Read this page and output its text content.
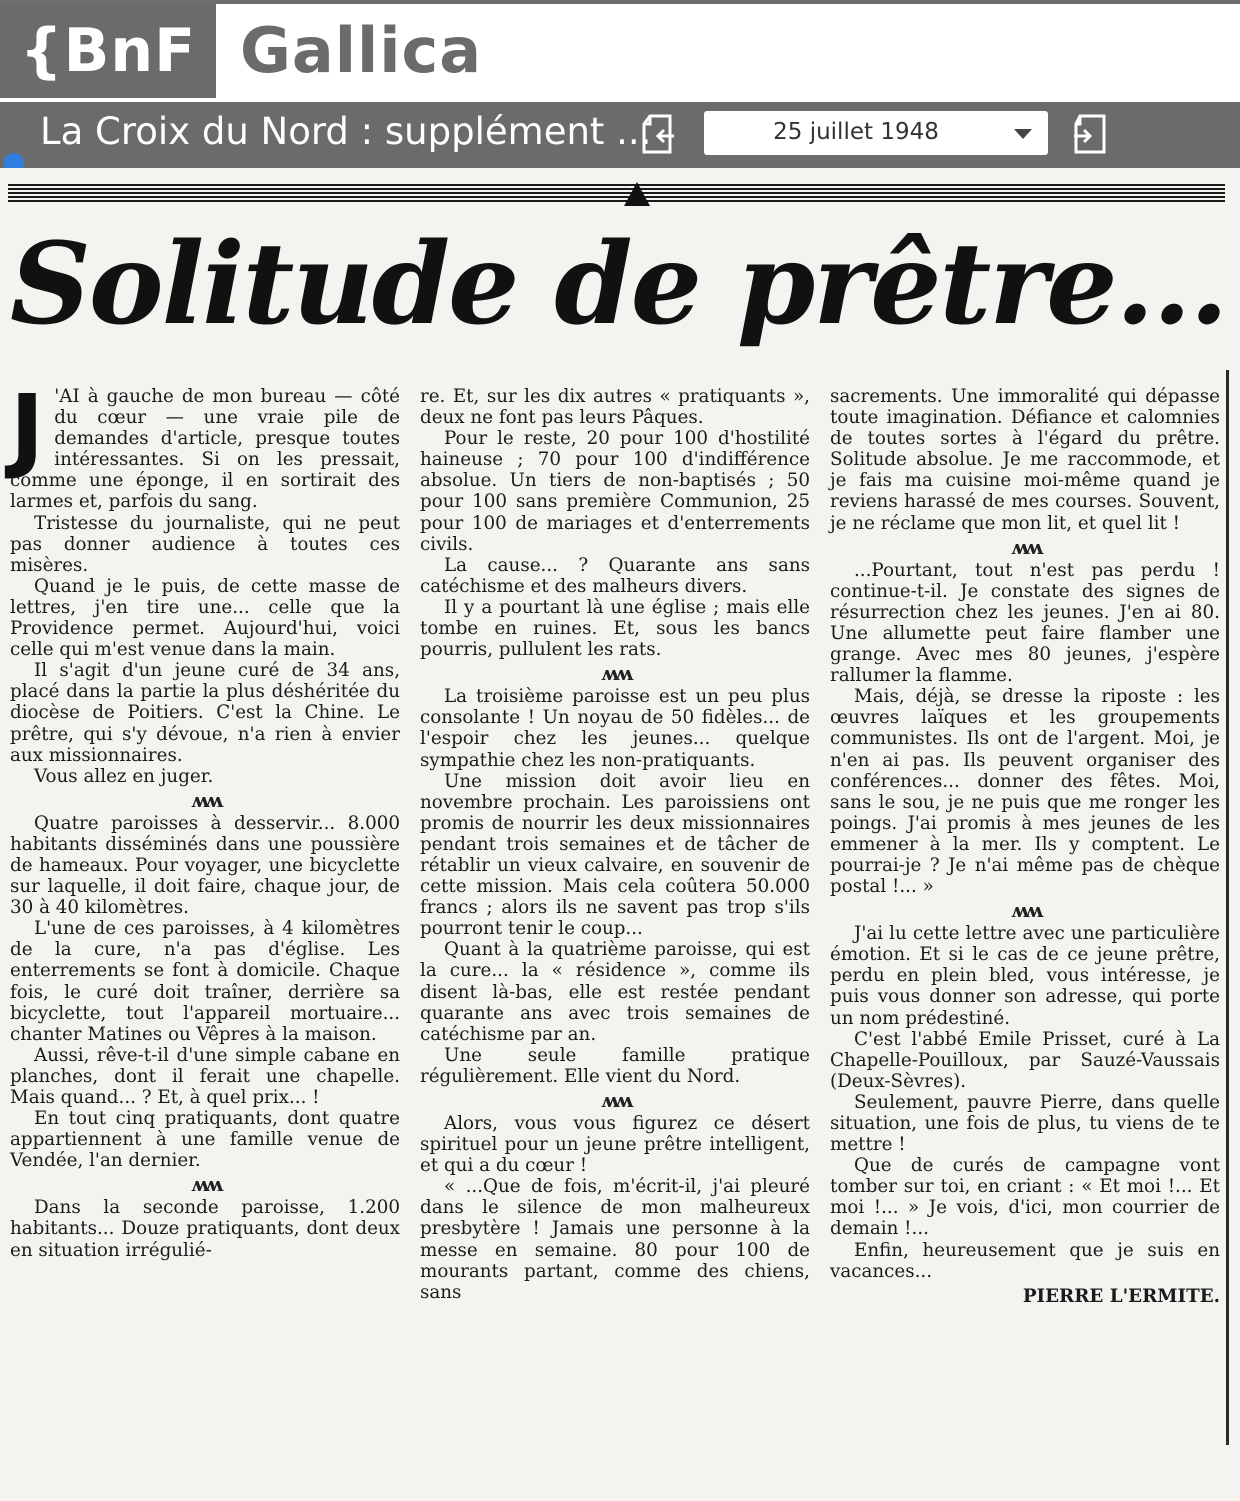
{BnF Gallica
La Croix du Nord : supplément ...	25 juillet 1948
Solitude de prêtre...
J 'AI à gauche de mon bureau — côté du cœur — une vraie pile de demandes d'article, presque toutes intéressantes. Si on les pressait, comme une éponge, il en sortirait des larmes et, parfois du sang.

Tristesse du journaliste, qui ne peut pas donner audience à toutes ces misères.

Quand je le puis, de cette masse de lettres, j'en tire une... celle que la Providence permet. Aujourd'hui, voici celle qui m'est venue dans la main.

Il s'agit d'un jeune curé de 34 ans, placé dans la partie la plus déshéritée du diocèse de Poitiers. C'est la Chine. Le prêtre, qui s'y dévoue, n'a rien à envier aux missionnaires.

Vous allez en juger.

ʍʍ

Quatre paroisses à desservir... 8.000 habitants disséminés dans une poussière de hameaux. Pour voyager, une bicyclette sur laquelle, il doit faire, chaque jour, de 30 à 40 kilomètres.

L'une de ces paroisses, à 4 kilomètres de la cure, n'a pas d'église. Les enterrements se font à domicile. Chaque fois, le curé doit traîner, derrière sa bicyclette, tout l'appareil mortuaire... chanter Matines ou Vêpres à la maison.

Aussi, rêve-t-il d'une simple cabane en planches, dont il ferait une chapelle. Mais quand... ? Et, à quel prix... !

En tout cinq pratiquants, dont quatre appartiennent à une famille venue de Vendée, l'an dernier.

ʍʍ

Dans la seconde paroisse, 1.200 habitants... Douze pratiquants, dont deux en situation irrégulié-

re. Et, sur les dix autres « pratiquants », deux ne font pas leurs Pâques.

Pour le reste, 20 pour 100 d'hostilité haineuse ; 70 pour 100 d'indifférence absolue. Un tiers de non-baptisés ; 50 pour 100 sans première Communion, 25 pour 100 de mariages et d'enterrements civils.

La cause... ? Quarante ans sans catéchisme et des malheurs divers.

Il y a pourtant là une église ; mais elle tombe en ruines. Et, sous les bancs pourris, pullulent les rats.

ʍʍ

La troisième paroisse est un peu plus consolante ! Un noyau de 50 fidèles... de l'espoir chez les jeunes... quelque sympathie chez les non-pratiquants.

Une mission doit avoir lieu en novembre prochain. Les paroissiens ont promis de nourrir les deux missionnaires pendant trois semaines et de tâcher de rétablir un vieux calvaire, en souvenir de cette mission. Mais cela coûtera 50.000 francs ; alors ils ne savent pas trop s'ils pourront tenir le coup...

Quant à la quatrième paroisse, qui est la cure... la « résidence », comme ils disent là-bas, elle est restée pendant quarante ans avec trois semaines de catéchisme par an.

Une seule famille pratique régulièrement. Elle vient du Nord.

ʍʍ

Alors, vous vous figurez ce désert spirituel pour un jeune prêtre intelligent, et qui a du cœur !

« ...Que de fois, m'écrit-il, j'ai pleuré dans le silence de mon malheureux presbytère ! Jamais une personne à la messe en semaine. 80 pour 100 de mourants partant, comme des chiens, sans

sacrements. Une immoralité qui dépasse toute imagination. Défiance et calomnies de toutes sortes à l'égard du prêtre. Solitude absolue. Je me raccommode, et je fais ma cuisine moi-même quand je reviens harassé de mes courses. Souvent, je ne réclame que mon lit, et quel lit !

ʍʍ

...Pourtant, tout n'est pas perdu ! continue-t-il. Je constate des signes de résurrection chez les jeunes. J'en ai 80. Une allumette peut faire flamber une grange. Avec mes 80 jeunes, j'espère rallumer la flamme.

Mais, déjà, se dresse la riposte : les œuvres laïques et les groupements communistes. Ils ont de l'argent. Moi, je n'en ai pas. Ils peuvent organiser des conférences... donner des fêtes. Moi, sans le sou, je ne puis que me ronger les poings. J'ai promis à mes jeunes de les emmener à la mer. Ils y comptent. Le pourrai-je ? Je n'ai même pas de chèque postal !... »

ʍʍ

J'ai lu cette lettre avec une particulière émotion. Et si le cas de ce jeune prêtre, perdu en plein bled, vous intéresse, je puis vous donner son adresse, qui porte un nom prédestiné.

C'est l'abbé Emile Prisset, curé à La Chapelle-Pouilloux, par Sauzé-Vaussais (Deux-Sèvres).

Seulement, pauvre Pierre, dans quelle situation, une fois de plus, tu viens de te mettre !

Que de curés de campagne vont tomber sur toi, en criant : « Et moi !... Et moi !... » Je vois, d'ici, mon courrier de demain !...

Enfin, heureusement que je suis en vacances...

PIERRE L'ERMITE.
